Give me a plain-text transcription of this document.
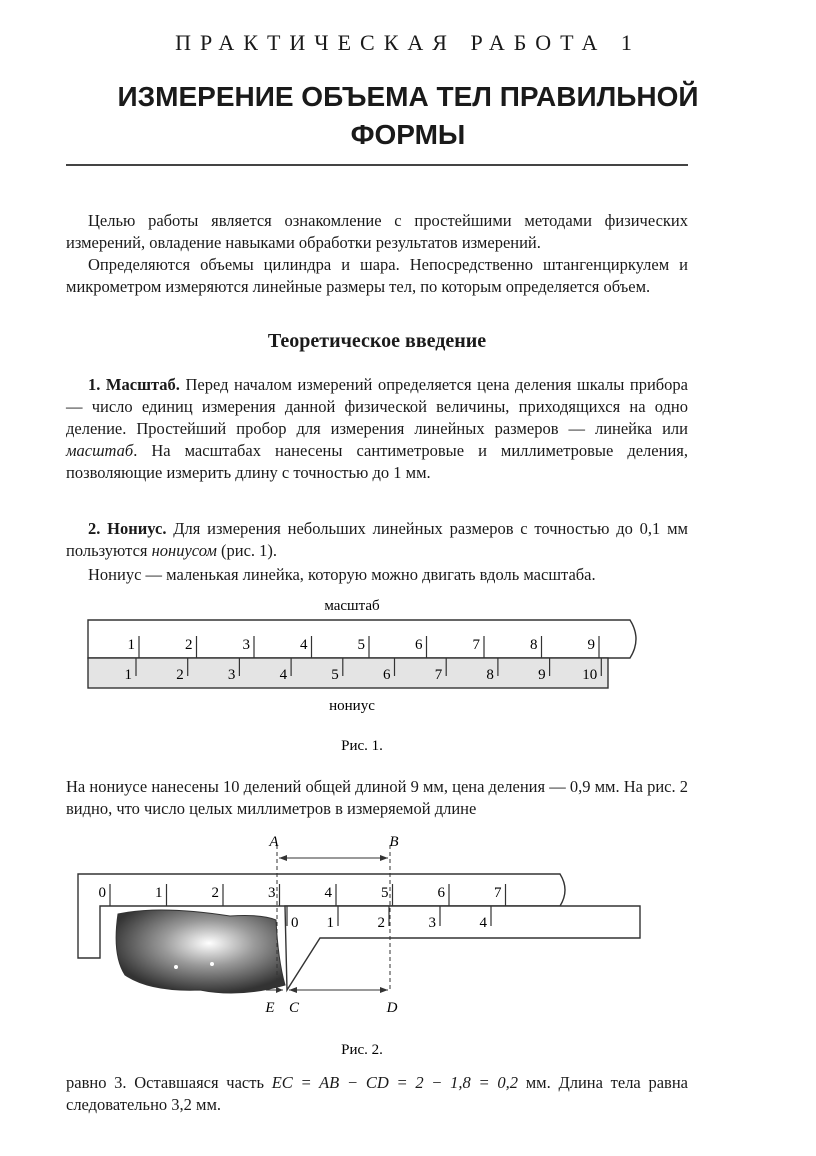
ПРАКТИЧЕСКАЯ РАБОТА 1
ИЗМЕРЕНИЕ ОБЪЕМА ТЕЛ ПРАВИЛЬНОЙ
ФОРМЫ

Целью работы является ознакомление с простейшими методами физических измерений, овладение навыками обработки результатов измерений.

Определяются объемы цилиндра и шара. Непосредственно штангенциркулем и микрометром измеряются линейные размеры тел, по которым определяется объем.

Теоретическое введение

1. Масштаб. Перед началом измерений определяется цена деления шкалы прибора — число единиц измерения данной физической величины, приходящихся на одно деление. Простейший пробор для измерения линейных размеров — линейка или масштаб. На масштабах нанесены сантиметровые и миллиметровые деления, позволяющие измерить длину с точностью до 1 мм.

2. Нониус. Для измерения небольших линейных размеров с точностью до 0,1 мм пользуются нониусом (рис. 1).

Нониус — маленькая линейка, которую можно двигать вдоль масштаба.

масштаб
1	2	3	4	5	6	7	8	9
1	2	3	4	5	6	7	8	9 10
нониус
Рис. 1.

На нониусе нанесены 10 делений общей длиной 9 мм, цена деления — 0,9 мм. На рис. 2 видно, что число целых миллиметров в измеряемой длине

0	1	2	3	4	5	6	7
0 1	2	3	4
A	B
E C	D
Рис. 2.

равно 3. Оставшаяся часть EC = AB − CD = 2 − 1,8 = 0,2 мм. Длина тела равна следовательно 3,2 мм.
